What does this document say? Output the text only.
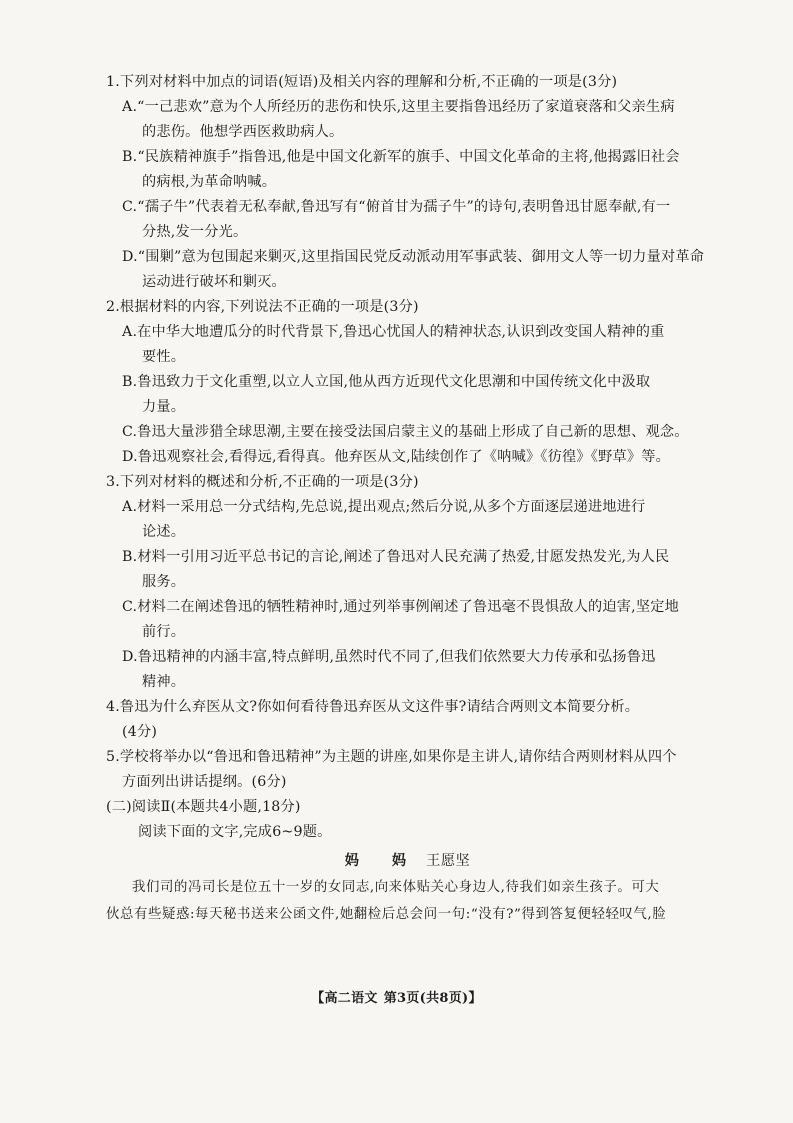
1.下列对材料中加点的词语(短语)及相关内容的理解和分析,不正确的一项是(3分)
A.“一己悲欢”意为个人所经历的悲伤和快乐,这里主要指鲁迅经历了家道衰落和父亲生病
的悲伤。他想学西医救助病人。
B.“民族精神旗手”指鲁迅,他是中国文化新军的旗手、中国文化革命的主将,他揭露旧社会
的病根,为革命呐喊。
C.“孺子牛”代表着无私奉献,鲁迅写有“俯首甘为孺子牛”的诗句,表明鲁迅甘愿奉献,有一
分热,发一分光。
D.“围剿”意为包围起来剿灭,这里指国民党反动派动用军事武装、御用文人等一切力量对革命
运动进行破坏和剿灭。
2.根据材料的内容,下列说法不正确的一项是(3分)
A.在中华大地遭瓜分的时代背景下,鲁迅心忧国人的精神状态,认识到改变国人精神的重
要性。
B.鲁迅致力于文化重塑,以立人立国,他从西方近现代文化思潮和中国传统文化中汲取
力量。
C.鲁迅大量涉猎全球思潮,主要在接受法国启蒙主义的基础上形成了自己新的思想、观念。
D.鲁迅观察社会,看得远,看得真。他弃医从文,陆续创作了《呐喊》《彷徨》《野草》等。
3.下列对材料的概述和分析,不正确的一项是(3分)
A.材料一采用总一分式结构,先总说,提出观点;然后分说,从多个方面逐层递进地进行
论述。
B.材料一引用习近平总书记的言论,阐述了鲁迅对人民充满了热爱,甘愿发热发光,为人民
服务。
C.材料二在阐述鲁迅的牺牲精神时,通过列举事例阐述了鲁迅毫不畏惧敌人的迫害,坚定地
前行。
D.鲁迅精神的内涵丰富,特点鲜明,虽然时代不同了,但我们依然要大力传承和弘扬鲁迅
精神。
4.鲁迅为什么弃医从文?你如何看待鲁迅弃医从文这件事?请结合两则文本简要分析。
(4分)
5.学校将举办以“鲁迅和鲁迅精神”为主题的讲座,如果你是主讲人,请你结合两则材料从四个
方面列出讲话提纲。(6分)
(二)阅读Ⅱ(本题共4小题,18分)
阅读下面的文字,完成6~9题。
妈 妈 王愿坚
我们司的冯司长是位五十一岁的女同志,向来体贴关心身边人,待我们如亲生孩子。可大
伙总有些疑惑:每天秘书送来公函文件,她翻检后总会问一句:“没有?”得到答复便轻轻叹气,脸
【高二语文 第3页(共8页)】
